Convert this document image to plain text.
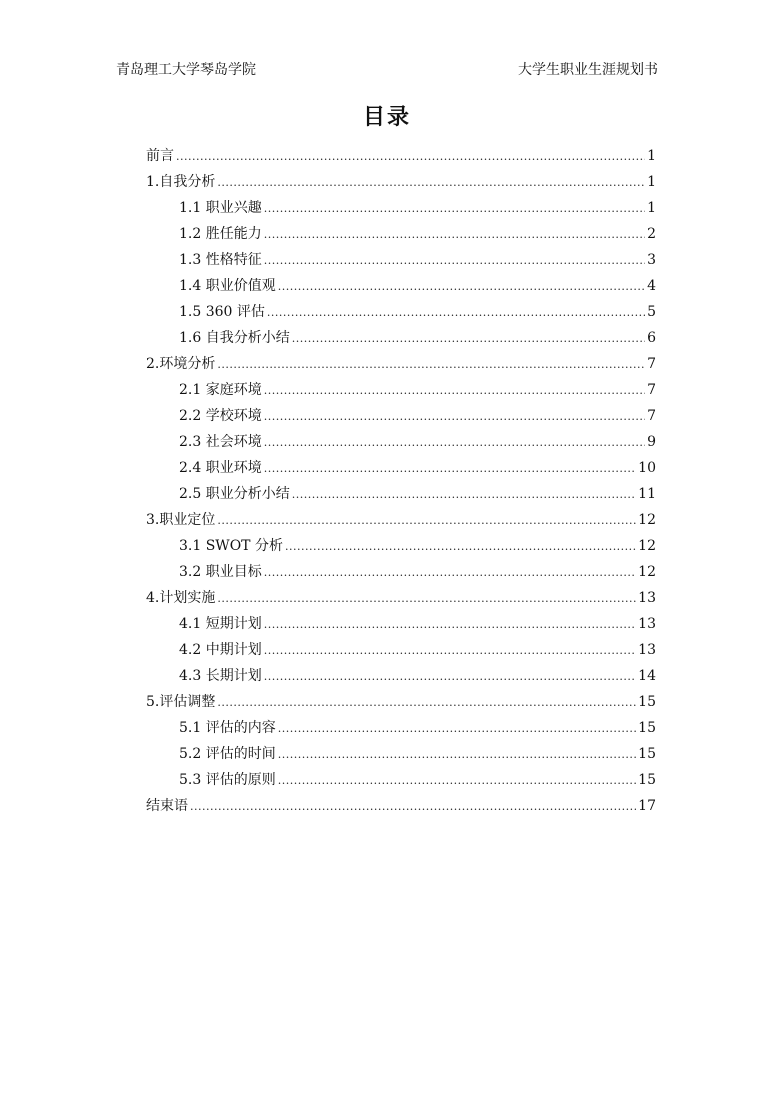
青岛理工大学琴岛学院	大学生职业生涯规划书
目录
前言 .....	1
1.自我分析 .....	1
1.1 职业兴趣 .....	1
1.2 胜任能力 .....	2
1.3 性格特征 .....	3
1.4 职业价值观 .....	4
1.5 360 评估 .....	5
1.6 自我分析小结 .....	6
2.环境分析 .....	7
2.1 家庭环境 .....	7
2.2 学校环境 .....	7
2.3 社会环境 .....	9
2.4 职业环境 .....	10
2.5 职业分析小结 .....	11
3.职业定位 .....	12
3.1 SWOT 分析 .....	12
3.2 职业目标 .....	12
4.计划实施 .....	13
4.1 短期计划 .....	13
4.2 中期计划 .....	13
4.3 长期计划 .....	14
5.评估调整 .....	15
5.1 评估的内容 .....	15
5.2 评估的时间 .....	15
5.3 评估的原则 .....	15
结束语 .....	17
